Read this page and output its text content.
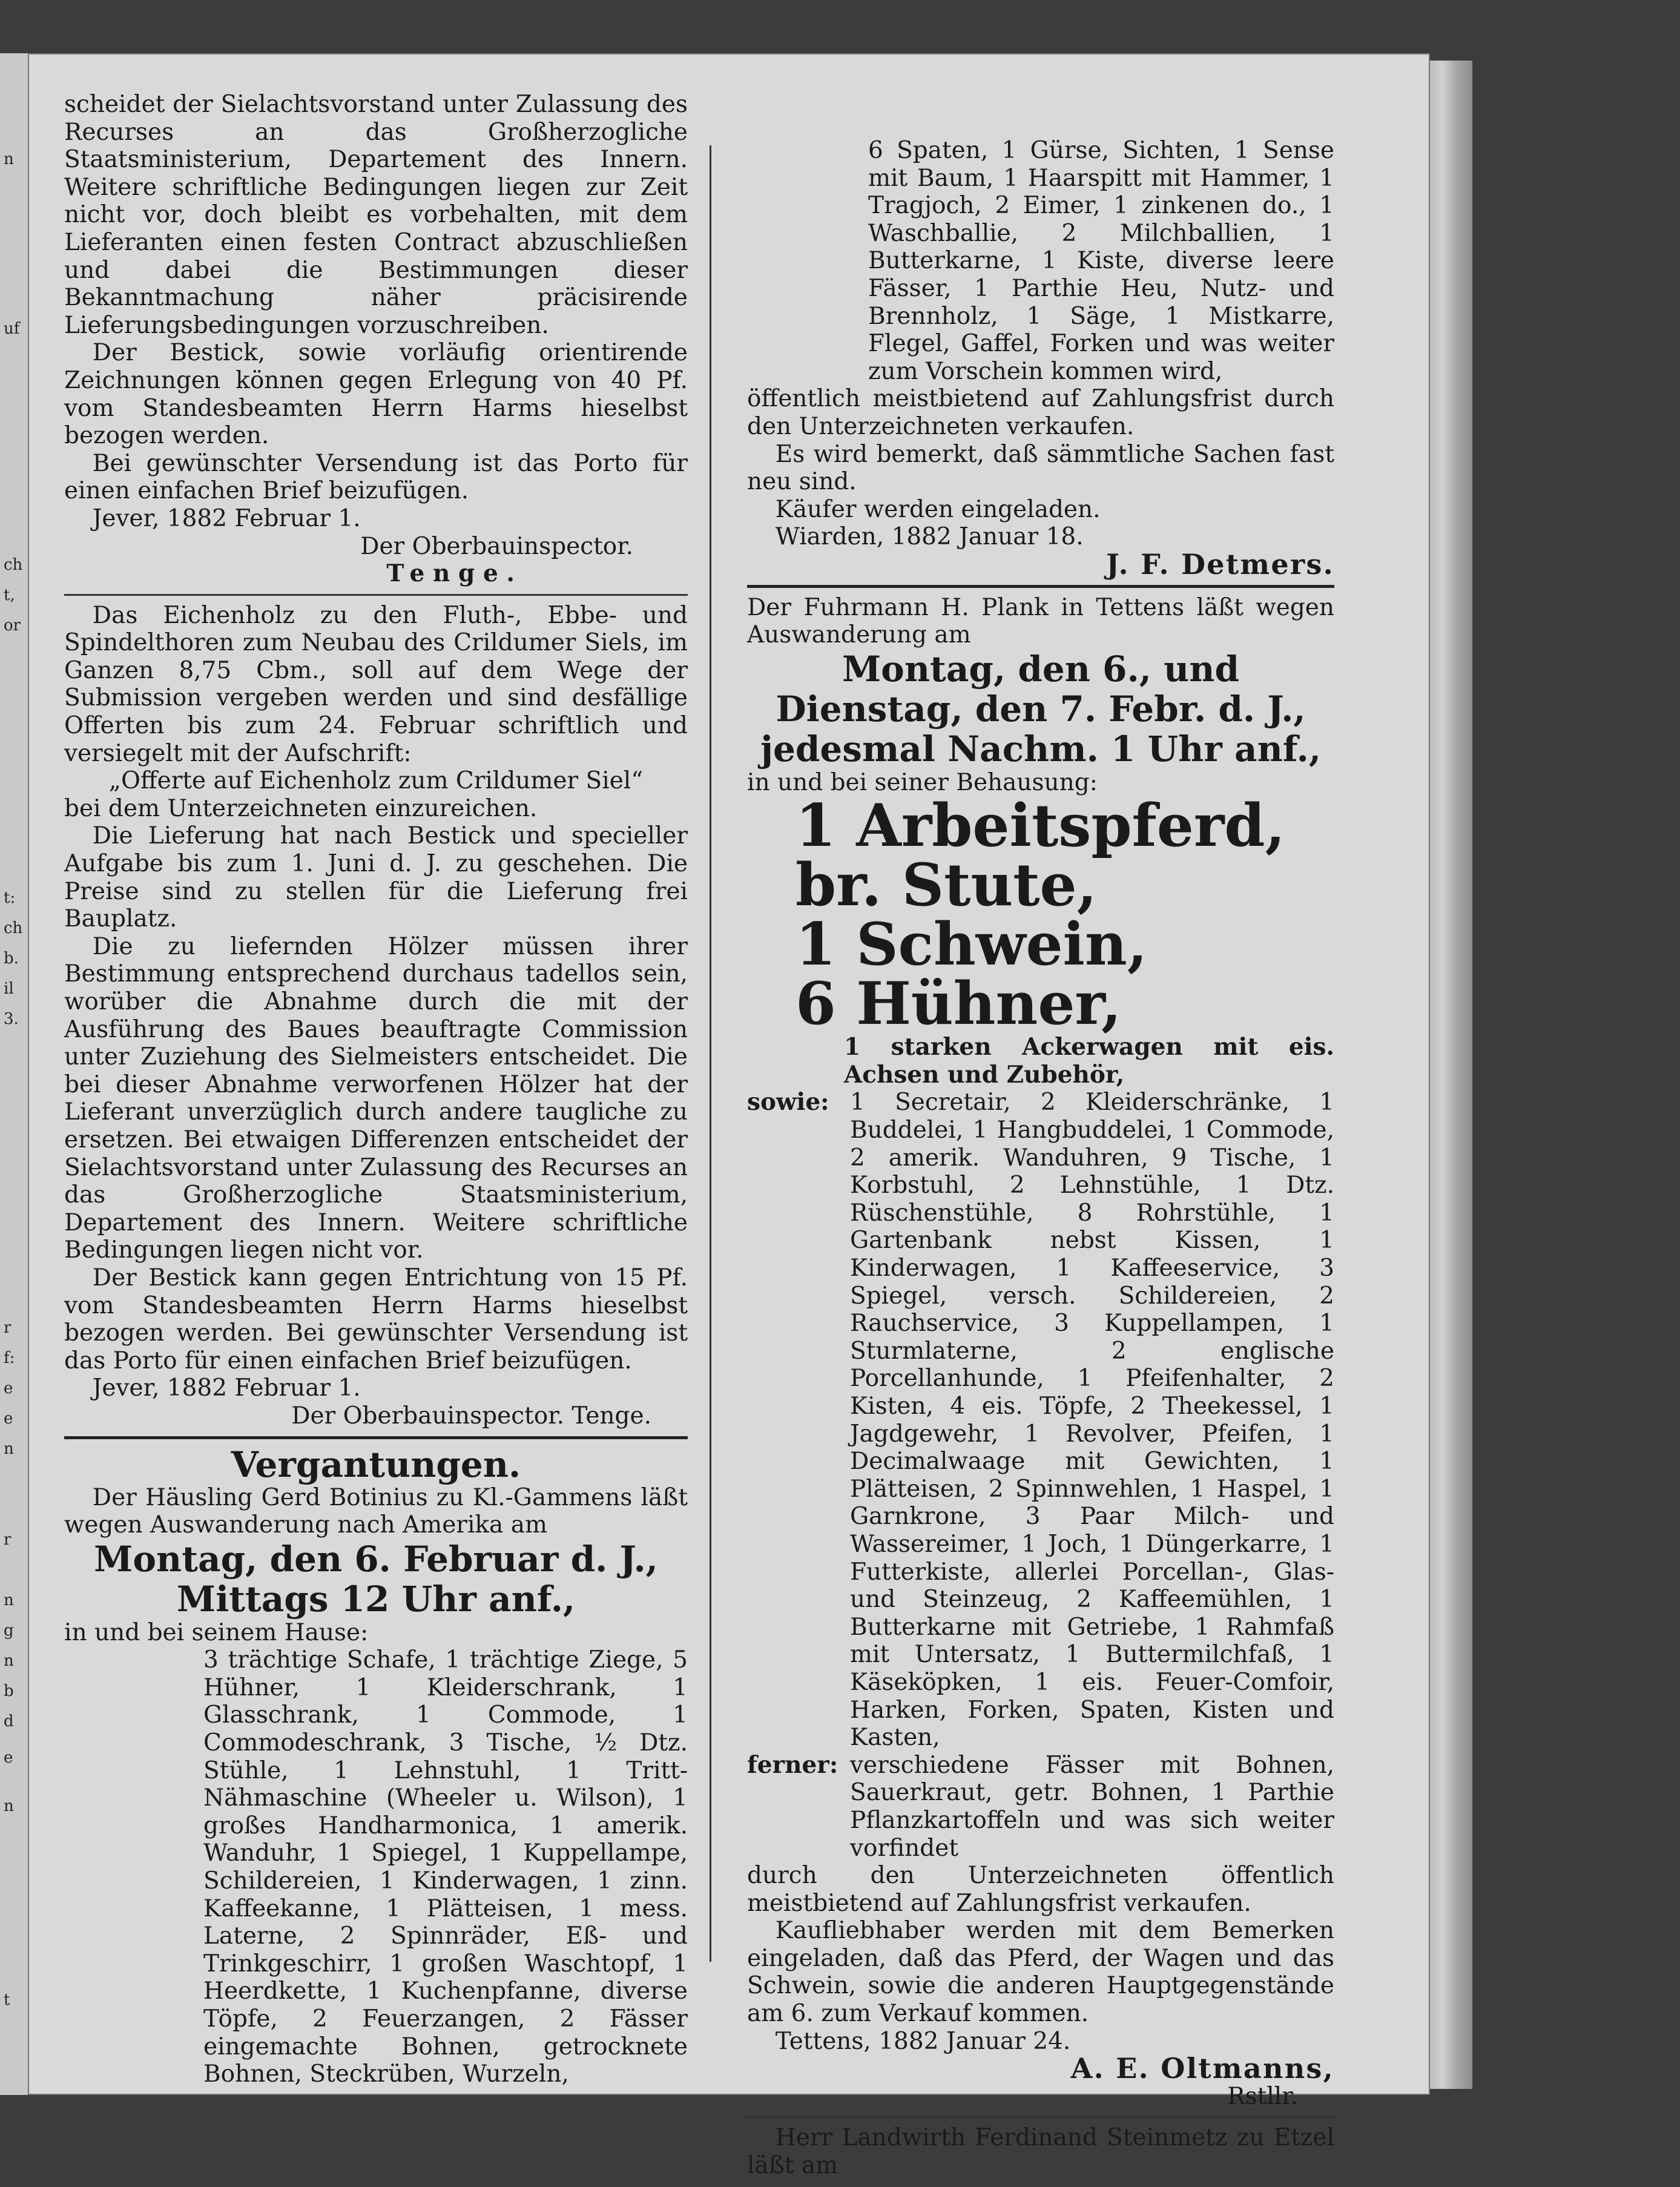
n
uf
ch
t,
or
t:
ch
b.
il
3.
r
f:
e
e
n
r
n
g
n
b
d
e
n
t

scheidet der Sielachtsvorstand unter Zulassung des Recurses an das Großherzogliche Staatsministerium, Departement des Innern. Weitere schriftliche Bedingungen liegen zur Zeit nicht vor, doch bleibt es vorbehalten, mit dem Lieferanten einen festen Contract abzuschließen und dabei die Bestimmungen dieser Bekanntmachung näher präcisirende Lieferungsbedingungen vorzuschreiben.

Der Bestick, sowie vorläufig orientirende Zeichnungen können gegen Erlegung von 40 Pf. vom Standesbeamten Herrn Harms hieselbst bezogen werden.

Bei gewünschter Versendung ist das Porto für einen einfachen Brief beizufügen.

Jever, 1882 Februar 1.

Der Oberbauinspector.

Tenge.

Das Eichenholz zu den Fluth-, Ebbe- und Spindelthoren zum Neubau des Crildumer Siels, im Ganzen 8,75 Cbm., soll auf dem Wege der Submission vergeben werden und sind desfällige Offerten bis zum 24. Februar schriftlich und versiegelt mit der Aufschrift:

„Offerte auf Eichenholz zum Crildumer Siel“

bei dem Unterzeichneten einzureichen.

Die Lieferung hat nach Bestick und specieller Aufgabe bis zum 1. Juni d. J. zu geschehen. Die Preise sind zu stellen für die Lieferung frei Bauplatz.

Die zu liefernden Hölzer müssen ihrer Bestimmung entsprechend durchaus tadellos sein, worüber die Abnahme durch die mit der Ausführung des Baues beauftragte Commission unter Zuziehung des Sielmeisters entscheidet. Die bei dieser Abnahme verworfenen Hölzer hat der Lieferant unverzüglich durch andere taugliche zu ersetzen. Bei etwaigen Differenzen entscheidet der Sielachtsvorstand unter Zulassung des Recurses an das Großherzogliche Staatsministerium, Departement des Innern. Weitere schriftliche Bedingungen liegen nicht vor.

Der Bestick kann gegen Entrichtung von 15 Pf. vom Standesbeamten Herrn Harms hieselbst bezogen werden. Bei gewünschter Versendung ist das Porto für einen einfachen Brief beizufügen.

Jever, 1882 Februar 1.

Der Oberbauinspector. Tenge.

Vergantungen.

Der Häusling Gerd Botinius zu Kl.-Gammens läßt wegen Auswanderung nach Amerika am

Montag, den 6. Februar d. J., Mittags 12 Uhr anf.,

in und bei seinem Hause:

3 trächtige Schafe, 1 trächtige Ziege, 5 Hühner, 1 Kleiderschrank, 1 Glasschrank, 1 Commode, 1 Commodeschrank, 3 Tische, ½ Dtz. Stühle, 1 Lehnstuhl, 1 Tritt-Nähmaschine (Wheeler u. Wilson), 1 großes Handharmonica, 1 amerik. Wanduhr, 1 Spiegel, 1 Kuppellampe, Schildereien, 1 Kinderwagen, 1 zinn. Kaffeekanne, 1 Plätteisen, 1 mess. Laterne, 2 Spinnräder, Eß- und Trinkgeschirr, 1 großen Waschtopf, 1 Heerdkette, 1 Kuchenpfanne, diverse Töpfe, 2 Feuerzangen, 2 Fässer eingemachte Bohnen, getrocknete Bohnen, Steckrüben, Wurzeln,

6 Spaten, 1 Gürse, Sichten, 1 Sense mit Baum, 1 Haarspitt mit Hammer, 1 Tragjoch, 2 Eimer, 1 zinkenen do., 1 Waschballie, 2 Milchballien, 1 Butterkarne, 1 Kiste, diverse leere Fässer, 1 Parthie Heu, Nutz- und Brennholz, 1 Säge, 1 Mistkarre, Flegel, Gaffel, Forken und was weiter zum Vorschein kommen wird,

öffentlich meistbietend auf Zahlungsfrist durch den Unterzeichneten verkaufen.

Es wird bemerkt, daß sämmtliche Sachen fast neu sind.

Käufer werden eingeladen.

Wiarden, 1882 Januar 18.

J. F. Detmers.

Der Fuhrmann H. Plank in Tettens läßt wegen Auswanderung am

Montag, den 6., und Dienstag, den 7. Febr. d. J.,
jedesmal Nachm. 1 Uhr anf.,

in und bei seiner Behausung:

1 Arbeitspferd, br. Stute,
1 Schwein,
6 Hühner,

1 starken Ackerwagen mit eis. Achsen und Zubehör,

sowie: 1 Secretair, 2 Kleiderschränke, 1 Buddelei, 1 Hangbuddelei, 1 Commode, 2 amerik. Wanduhren, 9 Tische, 1 Korbstuhl, 2 Lehnstühle, 1 Dtz. Rüschenstühle, 8 Rohrstühle, 1 Gartenbank nebst Kissen, 1 Kinderwagen, 1 Kaffeeservice, 3 Spiegel, versch. Schildereien, 2 Rauchservice, 3 Kuppellampen, 1 Sturmlaterne, 2 englische Porcellanhunde, 1 Pfeifenhalter, 2 Kisten, 4 eis. Töpfe, 2 Theekessel, 1 Jagdgewehr, 1 Revolver, Pfeifen, 1 Decimalwaage mit Gewichten, 1 Plätteisen, 2 Spinnwehlen, 1 Haspel, 1 Garnkrone, 3 Paar Milch- und Wassereimer, 1 Joch, 1 Düngerkarre, 1 Futterkiste, allerlei Porcellan-, Glas- und Steinzeug, 2 Kaffeemühlen, 1 Butterkarne mit Getriebe, 1 Rahmfaß mit Untersatz, 1 Buttermilchfaß, 1 Käseköpken, 1 eis. Feuer-Comfoir, Harken, Forken, Spaten, Kisten und Kasten,

ferner: verschiedene Fässer mit Bohnen, Sauerkraut, getr. Bohnen, 1 Parthie Pflanzkartoffeln und was sich weiter vorfindet

durch den Unterzeichneten öffentlich meistbietend auf Zahlungsfrist verkaufen.

Kaufliebhaber werden mit dem Bemerken eingeladen, daß das Pferd, der Wagen und das Schwein, sowie die anderen Hauptgegenstände am 6. zum Verkauf kommen.

Tettens, 1882 Januar 24.

A. E. Oltmanns,

Rstllr.

Herr Landwirth Ferdinand Steinmetz zu Etzel läßt am
